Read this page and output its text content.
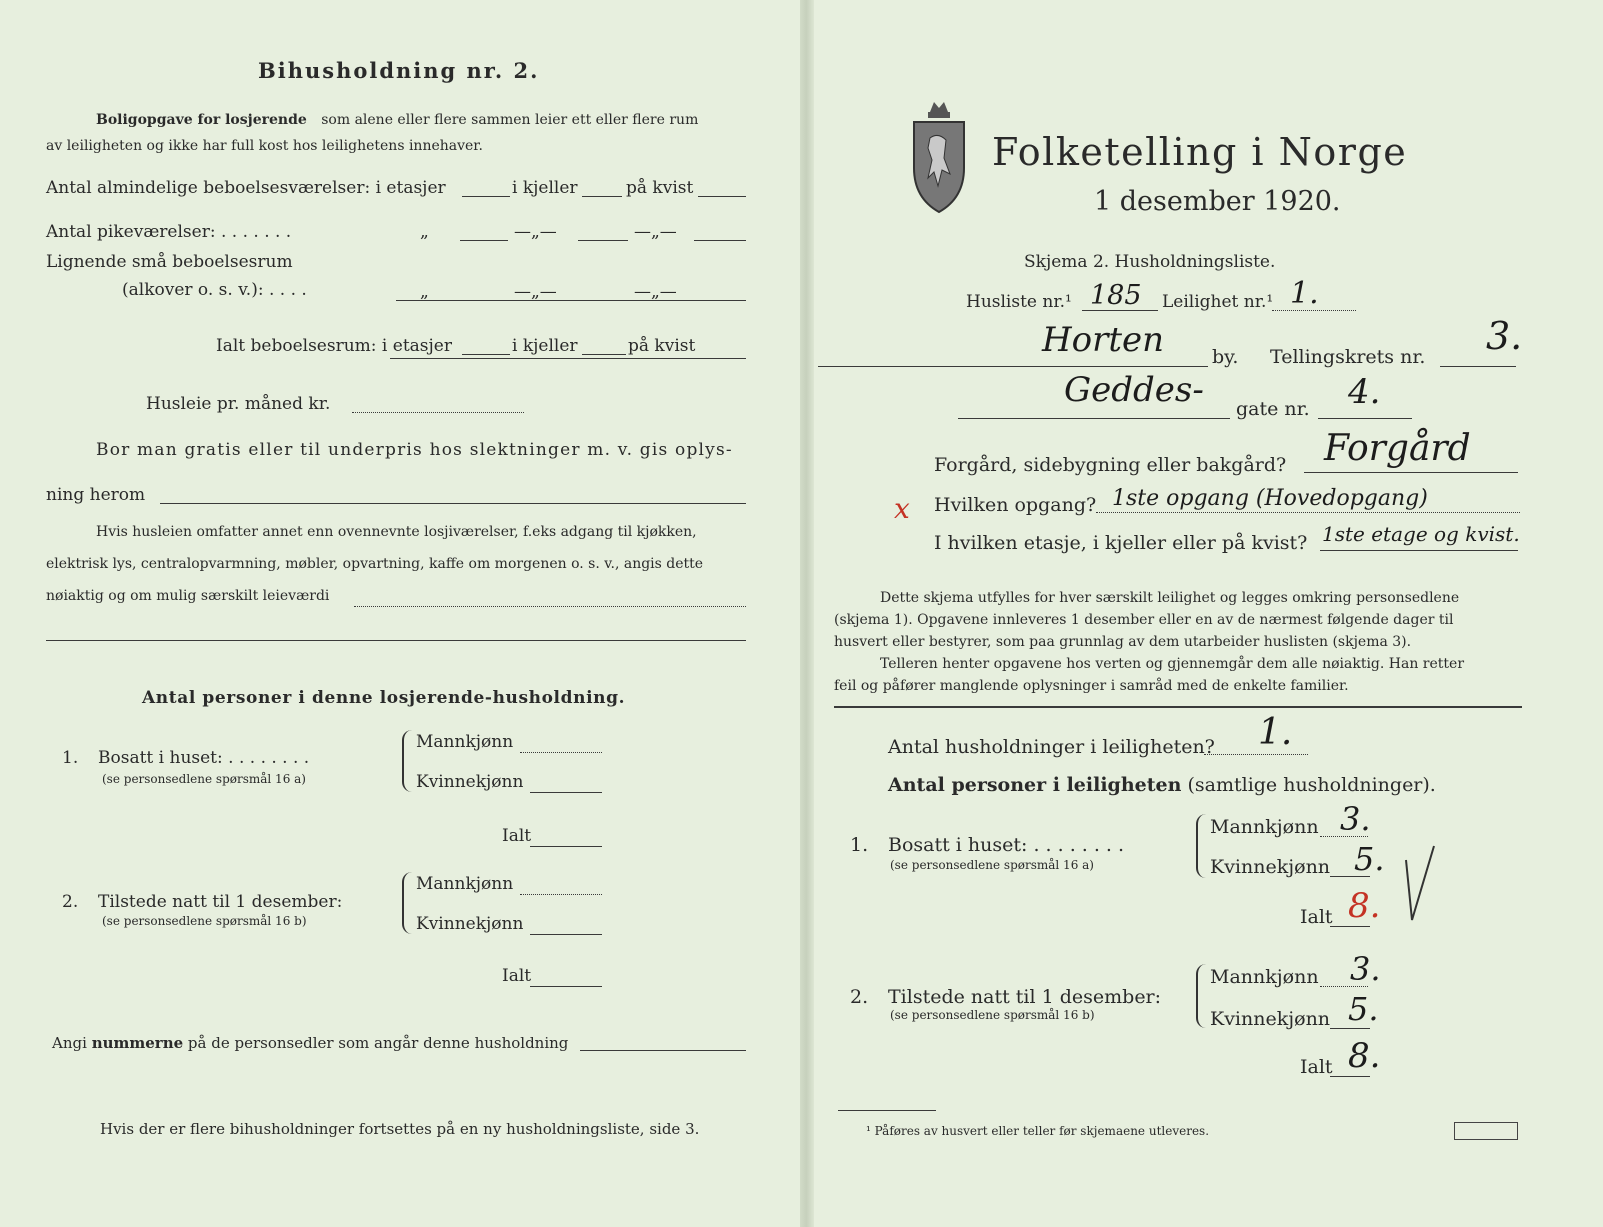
Bihusholdning nr. 2.
Boligopgave for losjerende som alene eller flere sammen leier ett eller flere rum
av leiligheten og ikke har full kost hos leilighetens innehaver.
Antal almindelige beboelsesværelser: i etasjer	i kjeller	på kvist
Antal pikeværelser: . . . . . . .	„	—„—	—„—
Lignende små beboelsesrum
(alkover o. s. v.): . . . .	„	—„—	—„—
Ialt beboelsesrum: i etasjer	i kjeller	på kvist
Husleie pr. måned kr.
Bor man gratis eller til underpris hos slektninger m. v. gis oplys-
ning herom
Hvis husleien omfatter annet enn ovennevnte losjiværelser, f.eks adgang til kjøkken,
elektrisk lys, centralopvarmning, møbler, opvartning, kaffe om morgenen o. s. v., angis dette
nøiaktig og om mulig særskilt leieværdi
Antal personer i denne losjerende-husholdning.
1. Bosatt i huset: . . . . . . . .
(se personsedlene spørsmål 16 a)
Mannkjønn
Kvinnekjønn
Ialt
2. Tilstede natt til 1 desember:
(se personsedlene spørsmål 16 b)
Mannkjønn
Kvinnekjønn
Ialt
Angi nummerne på de personsedler som angår denne husholdning
Hvis der er flere bihusholdninger fortsettes på en ny husholdningsliste, side 3.
Folketelling i Norge
1 desember 1920.
Skjema 2. Husholdningsliste.
Husliste nr.¹ 185 Leilighet nr.¹ 1.
Horten	by. Tellingskrets nr. 3.
Geddes- gate nr. 4.
Forgård, sidebygning eller bakgård? Forgård
x Hvilken opgang? 1ste opgang (Hovedopgang)
I hvilken etasje, i kjeller eller på kvist? 1ste etage og kvist.
Dette skjema utfylles for hver særskilt leilighet og legges omkring personsedlene
(skjema 1). Opgavene innleveres 1 desember eller en av de nærmest følgende dager til
husvert eller bestyrer, som paa grunnlag av dem utarbeider huslisten (skjema 3).
Telleren henter opgavene hos verten og gjennemgår dem alle nøiaktig. Han retter
feil og påfører manglende oplysninger i samråd med de enkelte familier.
Antal husholdninger i leiligheten? 1.
Antal personer i leiligheten (samtlige husholdninger).
1. Bosatt i huset: . . . . . . . .
(se personsedlene spørsmål 16 a)
Mannkjønn 3.
Kvinnekjønn 5.
Ialt 8.
2. Tilstede natt til 1 desember:
(se personsedlene spørsmål 16 b)
Mannkjønn 3.
Kvinnekjønn 5.
Ialt 8.
¹ Påføres av husvert eller teller før skjemaene utleveres.
